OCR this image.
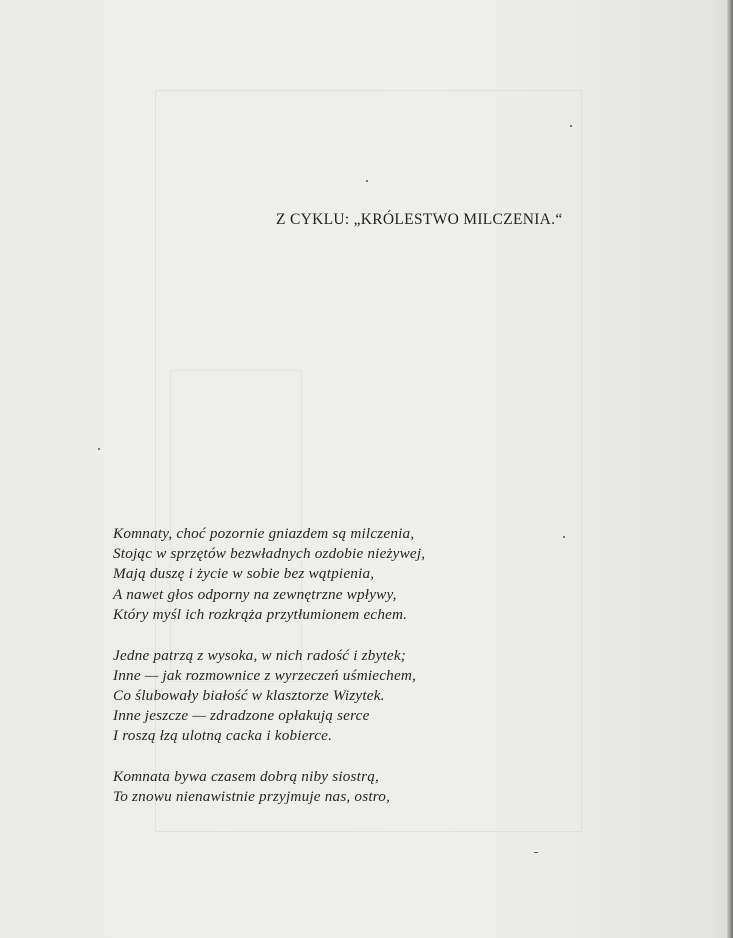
Z CYKLU: „KRÓLESTWO MILCZENIA.“
Komnaty, choć pozornie gniazdem są milczenia,
Stojąc w sprzętów bezwładnych ozdobie nieżywej,
Mają duszę i życie w sobie bez wątpienia,
A nawet głos odporny na zewnętrzne wpływy,
Który myśl ich rozkrąża przytłumionem echem.
Jedne patrzą z wysoka, w nich radość i zbytek;
Inne — jak rozmownice z wyrzeczeń uśmiechem,
Co ślubowały białość w klasztorze Wizytek.
Inne jeszcze — zdradzone opłakują serce
I roszą łzą ulotną cacka i kobierce.
Komnata bywa czasem dobrą niby siostrą,
To znowu nienawistnie przyjmuje nas, ostro,
